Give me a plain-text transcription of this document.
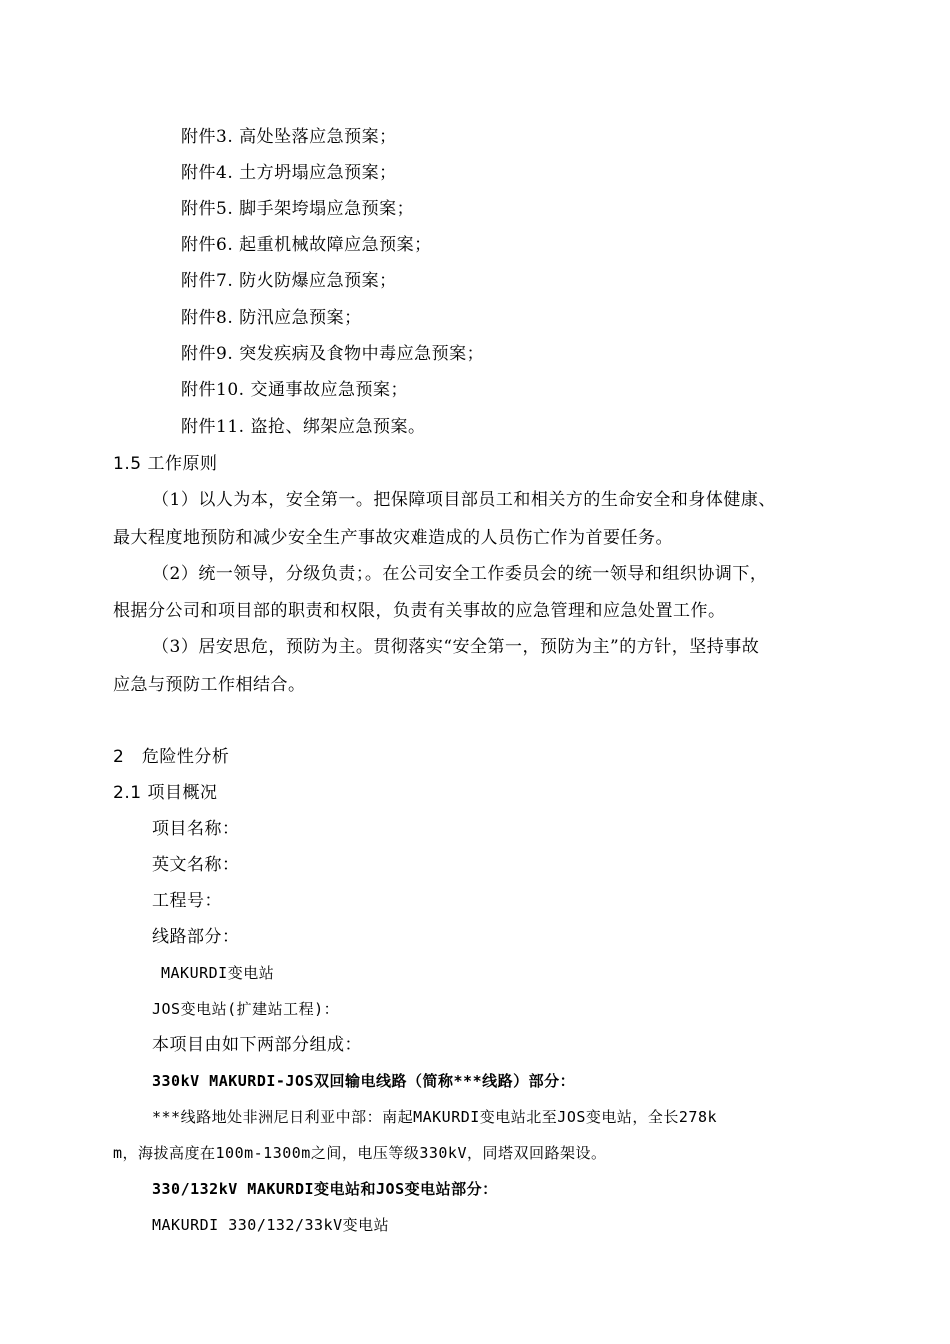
附件3. 高处坠落应急预案；
附件4. 土方坍塌应急预案；
附件5. 脚手架垮塌应急预案；
附件6. 起重机械故障应急预案；
附件7. 防火防爆应急预案；
附件8. 防汛应急预案；
附件9. 突发疾病及食物中毒应急预案；
附件10. 交通事故应急预案；
附件11. 盗抢、绑架应急预案。
1.5 工作原则
（1）以人为本，安全第一。把保障项目部员工和相关方的生命安全和身体健康、
最大程度地预防和减少安全生产事故灾难造成的人员伤亡作为首要任务。
（2）统一领导，分级负责；。在公司安全工作委员会的统一领导和组织协调下，
根据分公司和项目部的职责和权限，负责有关事故的应急管理和应急处置工作。
（3）居安思危，预防为主。贯彻落实“安全第一，预防为主”的方针，坚持事故
应急与预防工作相结合。
2　危险性分析
2.1 项目概况
项目名称：
英文名称：
工程号：
线路部分：
MAKURDI变电站
JOS变电站(扩建站工程)：
本项目由如下两部分组成：
330kV MAKURDI-JOS双回输电线路（简称***线路）部分：
***线路地处非洲尼日利亚中部：南起MAKURDI变电站北至JOS变电站，全长278k
m，海拔高度在100m-1300m之间，电压等级330kV，同塔双回路架设。
330/132kV MAKURDI变电站和JOS变电站部分：
MAKURDI 330/132/33kV变电站
